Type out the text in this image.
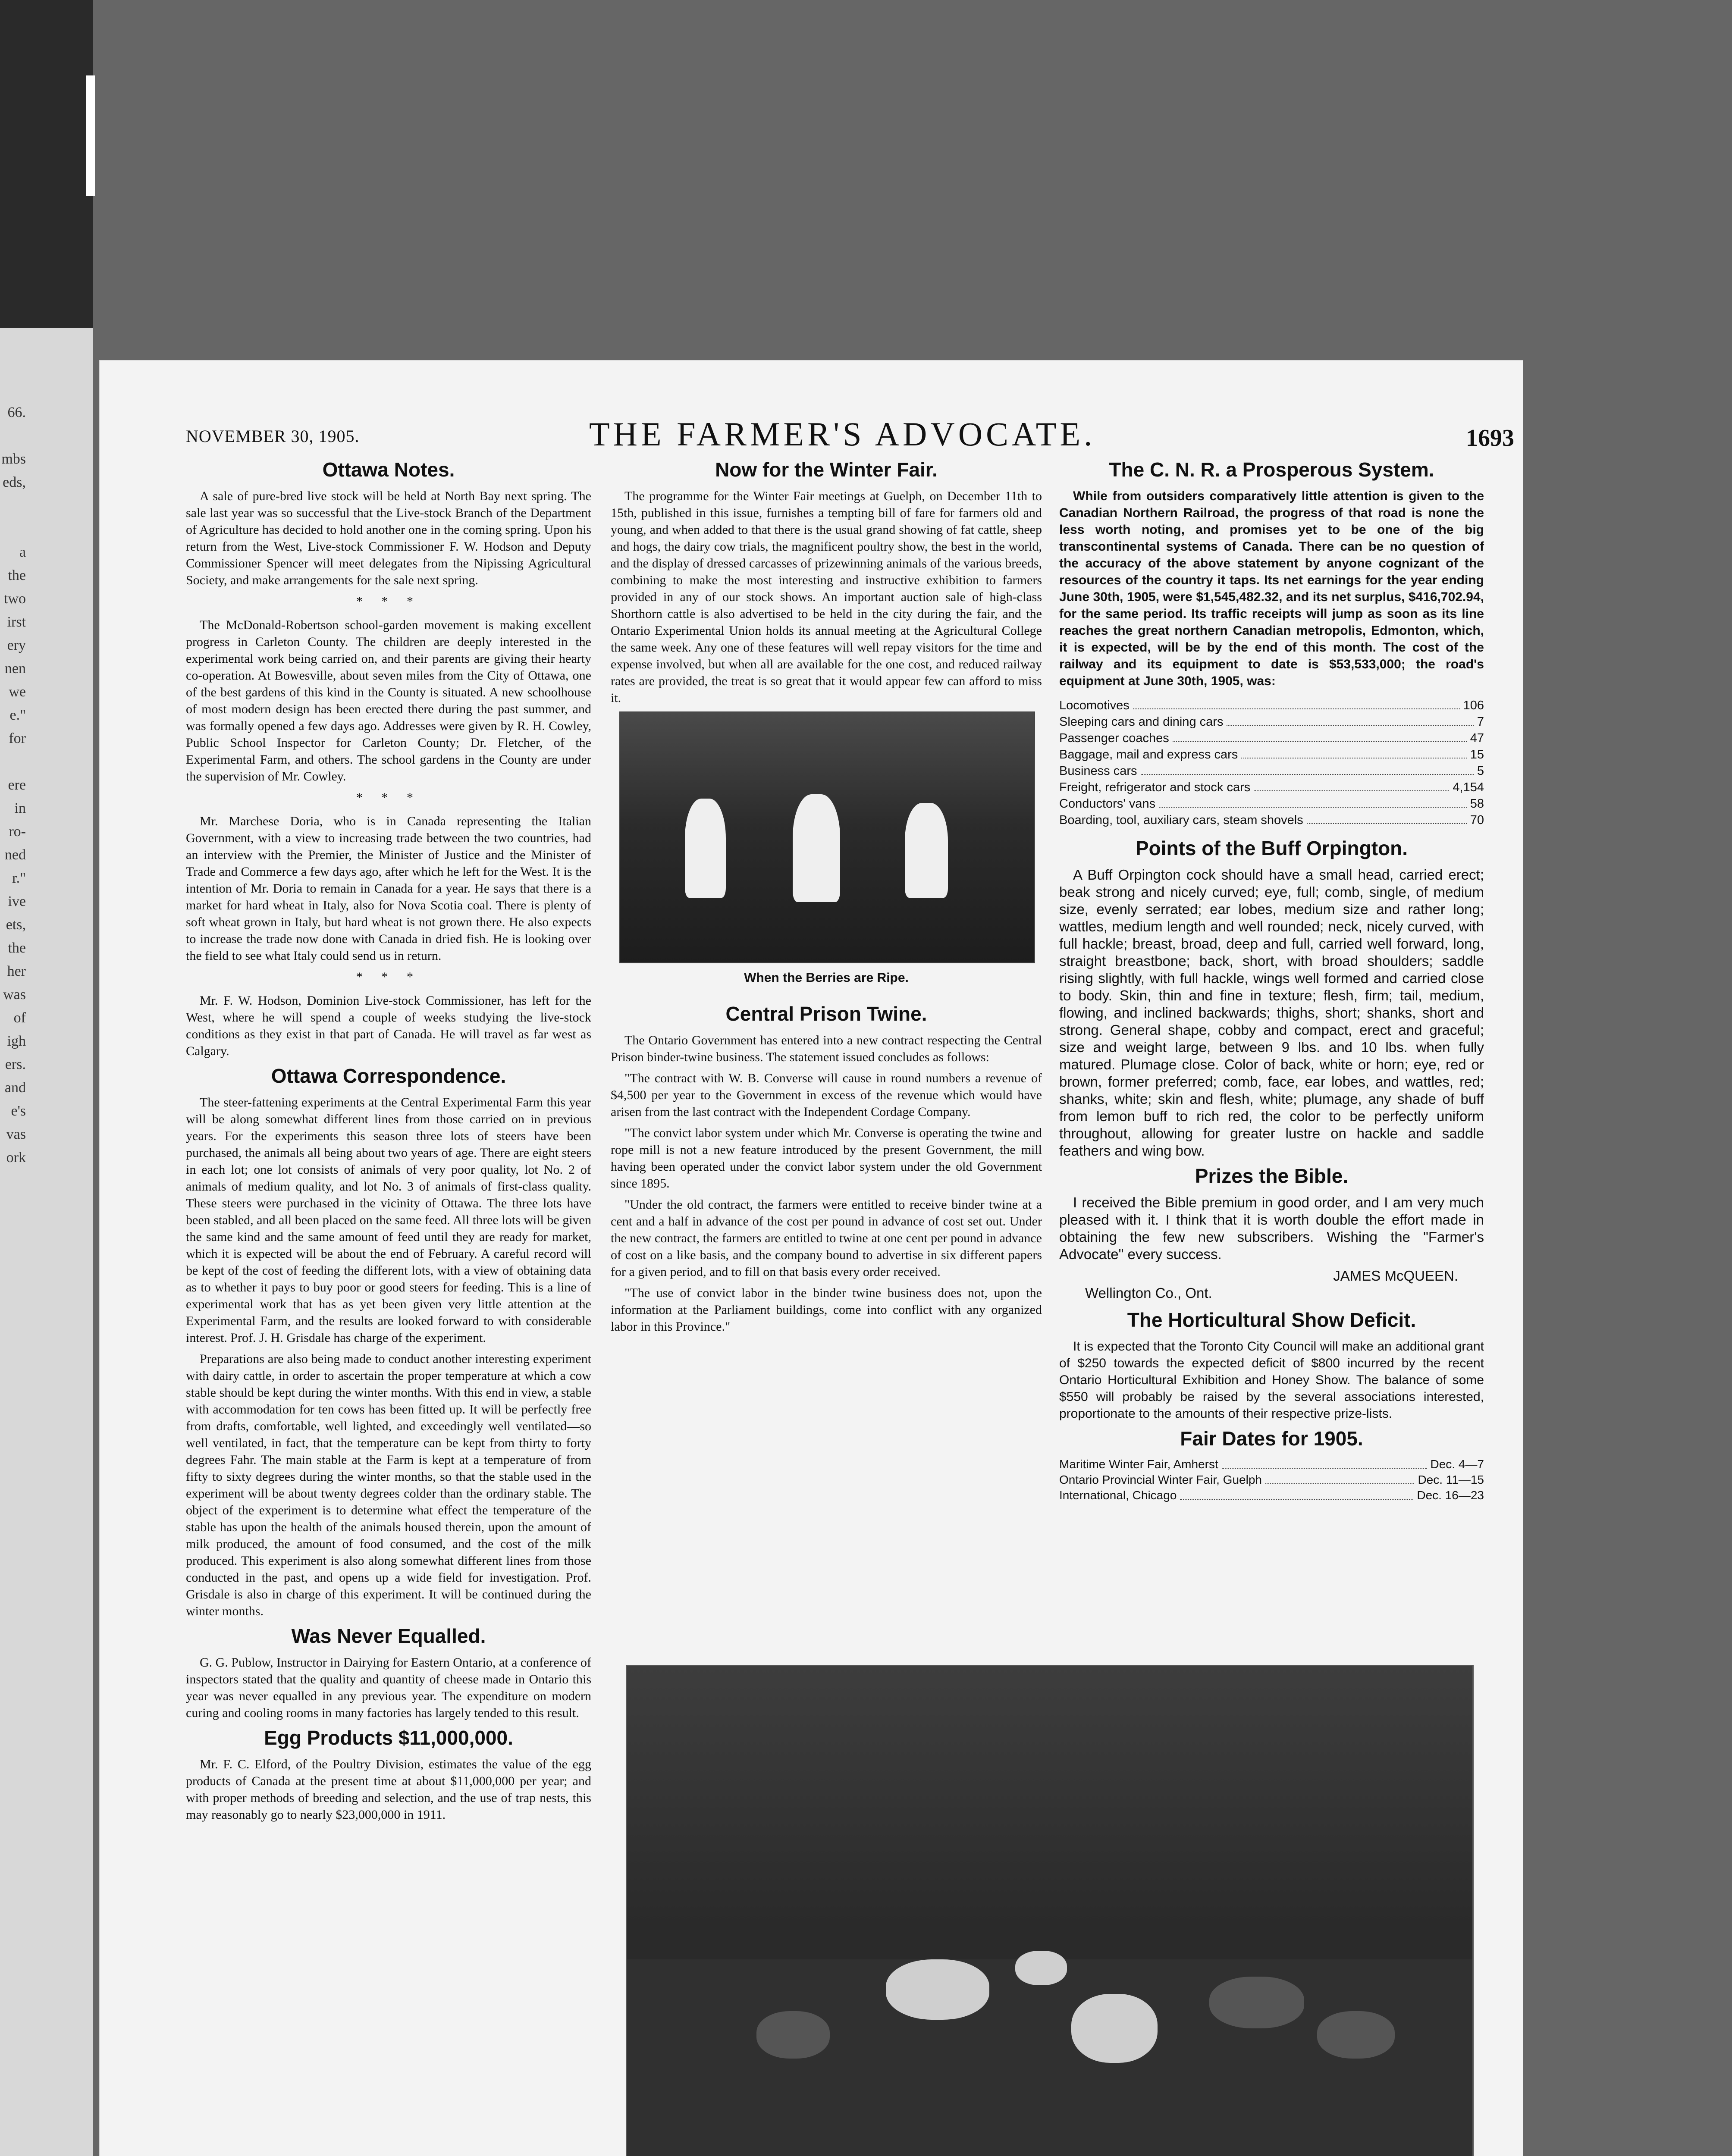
66.
mbs
eds,
a
the
two
irst
ery
nen
we
e."
for
ere
in
ro-
ned
r."
ive
ets,
the
her
was
of
igh
ers.
and
e's
vas
ork
NOVEMBER 30, 1905.	THE FARMER'S ADVOCATE.	1693
Ottawa Notes.

A sale of pure-bred live stock will be held at North Bay next spring. The sale last year was so successful that the Live-stock Branch of the Department of Agriculture has decided to hold another one in the coming spring. Upon his return from the West, Live-stock Commissioner F. W. Hodson and Deputy Commissioner Spencer will meet delegates from the Nipissing Agricultural Society, and make arrangements for the sale next spring.

* * *

The McDonald-Robertson school-garden movement is making excellent progress in Carleton County. The children are deeply interested in the experimental work being carried on, and their parents are giving their hearty co-operation. At Bowesville, about seven miles from the City of Ottawa, one of the best gardens of this kind in the County is situated. A new schoolhouse of most modern design has been erected there during the past summer, and was formally opened a few days ago. Addresses were given by R. H. Cowley, Public School Inspector for Carleton County; Dr. Fletcher, of the Experimental Farm, and others. The school gardens in the County are under the supervision of Mr. Cowley.

* * *

Mr. Marchese Doria, who is in Canada representing the Italian Government, with a view to increasing trade between the two countries, had an interview with the Premier, the Minister of Justice and the Minister of Trade and Commerce a few days ago, after which he left for the West. It is the intention of Mr. Doria to remain in Canada for a year. He says that there is a market for hard wheat in Italy, also for Nova Scotia coal. There is plenty of soft wheat grown in Italy, but hard wheat is not grown there. He also expects to increase the trade now done with Canada in dried fish. He is looking over the field to see what Italy could send us in return.

* * *

Mr. F. W. Hodson, Dominion Live-stock Commissioner, has left for the West, where he will spend a couple of weeks studying the live-stock conditions as they exist in that part of Canada. He will travel as far west as Calgary.

Ottawa Correspondence.

The steer-fattening experiments at the Central Experimental Farm this year will be along somewhat different lines from those carried on in previous years. For the experiments this season three lots of steers have been purchased, the animals all being about two years of age. There are eight steers in each lot; one lot consists of animals of very poor quality, lot No. 2 of animals of medium quality, and lot No. 3 of animals of first-class quality. These steers were purchased in the vicinity of Ottawa. The three lots have been stabled, and all been placed on the same feed. All three lots will be given the same kind and the same amount of feed until they are ready for market, which it is expected will be about the end of February. A careful record will be kept of the cost of feeding the different lots, with a view of obtaining data as to whether it pays to buy poor or good steers for feeding. This is a line of experimental work that has as yet been given very little attention at the Experimental Farm, and the results are looked forward to with considerable interest. Prof. J. H. Grisdale has charge of the experiment.

Preparations are also being made to conduct another interesting experiment with dairy cattle, in order to ascertain the proper temperature at which a cow stable should be kept during the winter months. With this end in view, a stable with accommodation for ten cows has been fitted up. It will be perfectly free from drafts, comfortable, well lighted, and exceedingly well ventilated—so well ventilated, in fact, that the temperature can be kept from thirty to forty degrees Fahr. The main stable at the Farm is kept at a temperature of from fifty to sixty degrees during the winter months, so that the stable used in the experiment will be about twenty degrees colder than the ordinary stable. The object of the experiment is to determine what effect the temperature of the stable has upon the health of the animals housed therein, upon the amount of milk produced, the amount of food consumed, and the cost of the milk produced. This experiment is also along somewhat different lines from those conducted in the past, and opens up a wide field for investigation. Prof. Grisdale is also in charge of this experiment. It will be continued during the winter months.

Was Never Equalled.

G. G. Publow, Instructor in Dairying for Eastern Ontario, at a conference of inspectors stated that the quality and quantity of cheese made in Ontario this year was never equalled in any previous year. The expenditure on modern curing and cooling rooms in many factories has largely tended to this result.

Egg Products $11,000,000.

Mr. F. C. Elford, of the Poultry Division, estimates the value of the egg products of Canada at the present time at about $11,000,000 per year; and with proper methods of breeding and selection, and the use of trap nests, this may reasonably go to nearly $23,000,000 in 1911.

Now for the Winter Fair.

The programme for the Winter Fair meetings at Guelph, on December 11th to 15th, published in this issue, furnishes a tempting bill of fare for farmers old and young, and when added to that there is the usual grand showing of fat cattle, sheep and hogs, the dairy cow trials, the magnificent poultry show, the best in the world, and the display of dressed carcasses of prizewinning animals of the various breeds, combining to make the most interesting and instructive exhibition to farmers provided in any of our stock shows. An important auction sale of high-class Shorthorn cattle is also advertised to be held in the city during the fair, and the Ontario Experimental Union holds its annual meeting at the Agricultural College the same week. Any one of these features will well repay visitors for the time and expense involved, but when all are available for the one cost, and reduced railway rates are provided, the treat is so great that it would appear few can afford to miss it.

When the Berries are Ripe.
Central Prison Twine.

The Ontario Government has entered into a new contract respecting the Central Prison binder-twine business. The statement issued concludes as follows:

"The contract with W. B. Converse will cause in round numbers a revenue of $4,500 per year to the Government in excess of the revenue which would have arisen from the last contract with the Independent Cordage Company.

"The convict labor system under which Mr. Converse is operating the twine and rope mill is not a new feature introduced by the present Government, the mill having been operated under the convict labor system under the old Government since 1895.

"Under the old contract, the farmers were entitled to receive binder twine at a cent and a half in advance of the cost per pound in advance of cost set out. Under the new contract, the farmers are entitled to twine at one cent per pound in advance of cost on a like basis, and the company bound to advertise in six different papers for a given period, and to fill on that basis every order received.

"The use of convict labor in the binder twine business does not, upon the information at the Parliament buildings, come into conflict with any organized labor in this Province."

The C. N. R. a Prosperous System.

While from outsiders comparatively little attention is given to the Canadian Northern Railroad, the progress of that road is none the less worth noting, and promises yet to be one of the big transcontinental systems of Canada. There can be no question of the accuracy of the above statement by anyone cognizant of the resources of the country it taps. Its net earnings for the year ending June 30th, 1905, were $1,545,482.32, and its net surplus, $416,702.94, for the same period. Its traffic receipts will jump as soon as its line reaches the great northern Canadian metropolis, Edmonton, which, it is expected, will be by the end of this month. The cost of the railway and its equipment to date is $53,533,000; the road's equipment at June 30th, 1905, was:

Locomotives	106
Sleeping cars and dining cars	7
Passenger coaches	47
Baggage, mail and express cars	15
Business cars	5
Freight, refrigerator and stock cars	4,154
Conductors' vans	58
Boarding, tool, auxiliary cars, steam shovels	70
Points of the Buff Orpington.

A Buff Orpington cock should have a small head, carried erect; beak strong and nicely curved; eye, full; comb, single, of medium size, evenly serrated; ear lobes, medium size and rather long; wattles, medium length and well rounded; neck, nicely curved, with full hackle; breast, broad, deep and full, carried well forward, long, straight breastbone; back, short, with broad shoulders; saddle rising slightly, with full hackle, wings well formed and carried close to body. Skin, thin and fine in texture; flesh, firm; tail, medium, flowing, and inclined backwards; thighs, short; shanks, short and strong. General shape, cobby and compact, erect and graceful; size and weight large, between 9 lbs. and 10 lbs. when fully matured. Plumage close. Color of back, white or horn; eye, red or brown, former preferred; comb, face, ear lobes, and wattles, red; shanks, white; skin and flesh, white; plumage, any shade of buff from lemon buff to rich red, the color to be perfectly uniform throughout, allowing for greater lustre on hackle and saddle feathers and wing bow.

Prizes the Bible.

I received the Bible premium in good order, and I am very much pleased with it. I think that it is worth double the effort made in obtaining the few new subscribers. Wishing the "Farmer's Advocate" every success.

JAMES McQUEEN.
Wellington Co., Ont.
The Horticultural Show Deficit.

It is expected that the Toronto City Council will make an additional grant of $250 towards the expected deficit of $800 incurred by the recent Ontario Horticultural Exhibition and Honey Show. The balance of some $550 will probably be raised by the several associations interested, proportionate to the amounts of their respective prize-lists.

Fair Dates for 1905.
Maritime Winter Fair, Amherst	Dec. 4—7
Ontario Provincial Winter Fair, Guelph	Dec. 11—15
International, Chicago	Dec. 16—23
